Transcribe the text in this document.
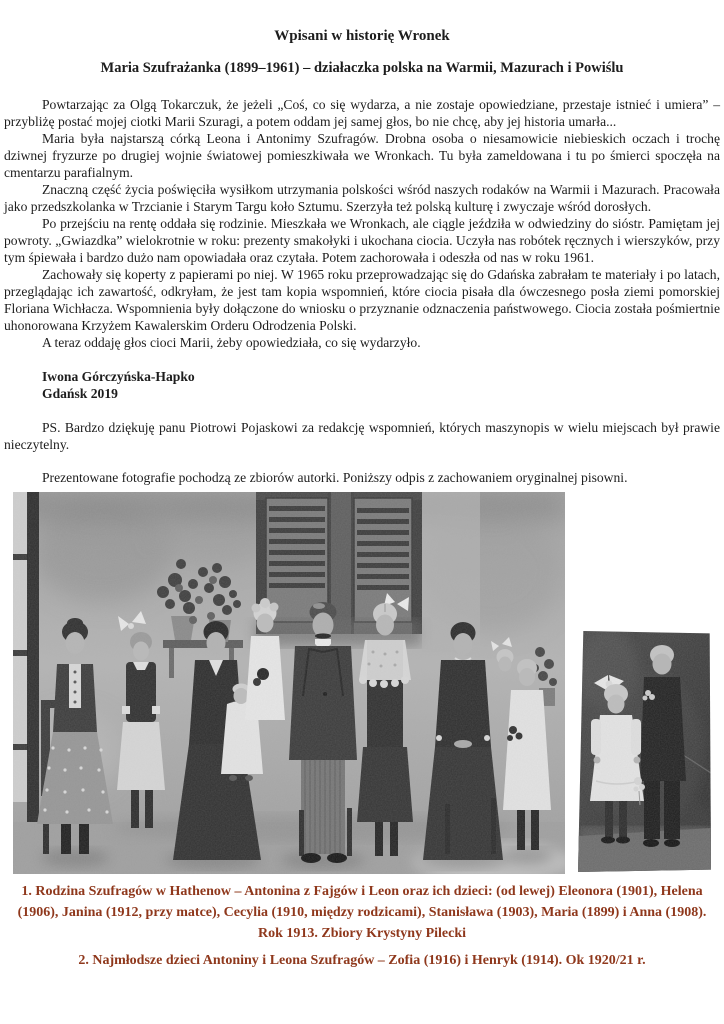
Wpisani w historię Wronek
Maria Szufrażanka (1899–1961) – działaczka polska na Warmii, Mazurach i Powiślu

Powtarzając za Olgą Tokarczuk, że jeżeli „Coś, co się wydarza, a nie zostaje opowiedziane, przestaje istnieć i umiera” – przybliżę postać mojej ciotki Marii Szuragi, a potem oddam jej samej głos, bo nie chcę, aby jej historia umarła...

Maria była najstarszą córką Leona i Antonimy Szufragów. Drobna osoba o niesamowicie niebieskich oczach i trochę dziwnej fryzurze po drugiej wojnie światowej pomieszkiwała we Wronkach. Tu była zameldowana i tu po śmierci spoczęła na cmentarzu parafialnym.

Znaczną część życia poświęciła wysiłkom utrzymania polskości wśród naszych rodaków na Warmii i Mazurach. Pracowała jako przedszkolanka w Trzcianie i Starym Targu koło Sztumu. Szerzyła też polską kulturę i zwyczaje wśród dorosłych.

Po przejściu na rentę oddała się rodzinie. Mieszkała we Wronkach, ale ciągle jeździła w odwiedziny do sióstr. Pamiętam jej powroty. „Gwiazdka” wielokrotnie w roku: prezenty smakołyki i ukochana ciocia. Uczyła nas robótek ręcznych i wierszyków, przy tym śpiewała i bardzo dużo nam opowiadała oraz czytała. Potem zachorowała i odeszła od nas w roku 1961.

Zachowały się koperty z papierami po niej. W 1965 roku przeprowadzając się do Gdańska zabrałam te materiały i po latach, przeglądając ich zawartość, odkryłam, że jest tam kopia wspomnień, które ciocia pisała dla ówczesnego posła ziemi pomorskiej Floriana Wichłacza. Wspomnienia były dołączone do wniosku o przyznanie odznaczenia państwowego. Ciocia została pośmiertnie uhonorowana Krzyżem Kawalerskim Orderu Odrodzenia Polski.

A teraz oddaję głos cioci Marii, żeby opowiedziała, co się wydarzyło.

Iwona Górczyńska-Hapko
Gdańsk 2019

PS. Bardzo dziękuję panu Piotrowi Pojaskowi za redakcję wspomnień, których maszynopis w wielu miejscach był prawie nieczytelny.

Prezentowane fotografie pochodzą ze zbiorów autorki. Poniższy odpis z zachowaniem oryginalnej pisowni.

1. Rodzina Szufragów w Hathenow – Antonina z Fajgów i Leon oraz ich dzieci: (od lewej) Eleonora (1901), Helena (1906), Janina (1912, przy matce), Cecylia (1910, między rodzicami), Stanisława (1903), Maria (1899) i Anna (1908). Rok 1913. Zbiory Krystyny Pilecki
2. Najmłodsze dzieci Antoniny i Leona Szufragów – Zofia (1916) i Henryk (1914). Ok 1920/21 r.
